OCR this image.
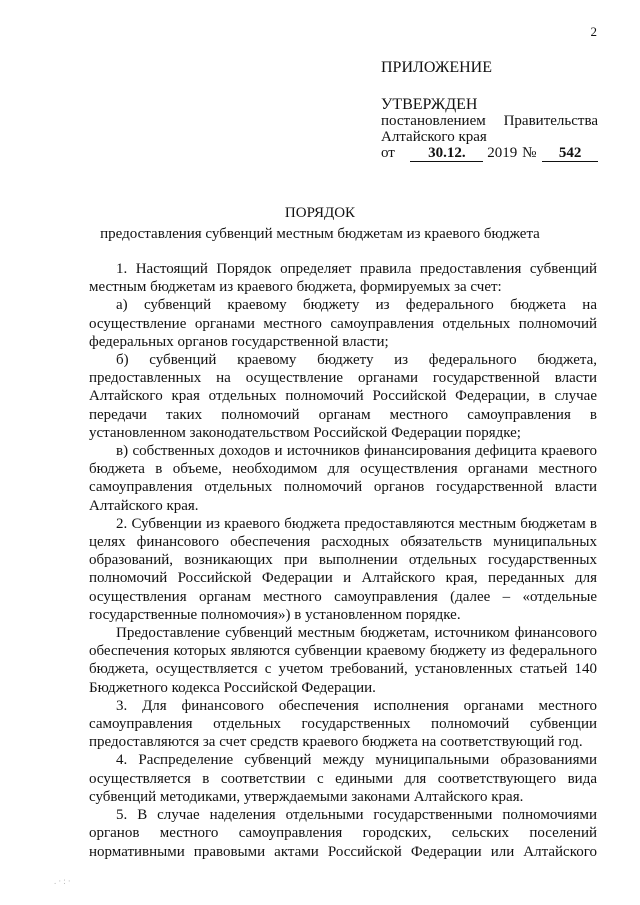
2
ПРИЛОЖЕНИЕ
УТВЕРЖДЕН
постановлением Правительства
Алтайского края
от	30.12.	2019 №	542
ПОРЯДОК
предоставления субвенций местным бюджетам из краевого бюджета

1. Настоящий Порядок определяет правила предоставления субвенций местным бюджетам из краевого бюджета, формируемых за счет:

а) субвенций краевому бюджету из федерального бюджета на осуществление органами местного самоуправления отдельных полномочий федеральных органов государственной власти;

б) субвенций краевому бюджету из федерального бюджета, предоставленных на осуществление органами государственной власти Алтайского края отдельных полномочий Российской Федерации, в случае передачи таких полномочий органам местного самоуправления в установленном законодательством Российской Федерации порядке;

в) собственных доходов и источников финансирования дефицита краевого бюджета в объеме, необходимом для осуществления органами местного самоуправления отдельных полномочий органов государственной власти Алтайского края.

2. Субвенции из краевого бюджета предоставляются местным бюджетам в целях финансового обеспечения расходных обязательств муниципальных образований, возникающих при выполнении отдельных государственных полномочий Российской Федерации и Алтайского края, переданных для осуществления органам местного самоуправления (далее – «отдельные государственные полномочия») в установленном порядке.

Предоставление субвенций местным бюджетам, источником финансового обеспечения которых являются субвенции краевому бюджету из федерального бюджета, осуществляется с учетом требований, установленных статьей 140 Бюджетного кодекса Российской Федерации.

3. Для финансового обеспечения исполнения органами местного самоуправления отдельных государственных полномочий субвенции предоставляются за счет средств краевого бюджета на соответствующий год.

4. Распределение субвенций между муниципальными образованиями осуществляется в соответствии с едиными для соответствующего вида субвенций методиками, утверждаемыми законами Алтайского края.

5. В случае наделения отдельными государственными полномочиями органов местного самоуправления городских, сельских поселений нормативными правовыми актами Российской Федерации или Алтайского

.·:·
